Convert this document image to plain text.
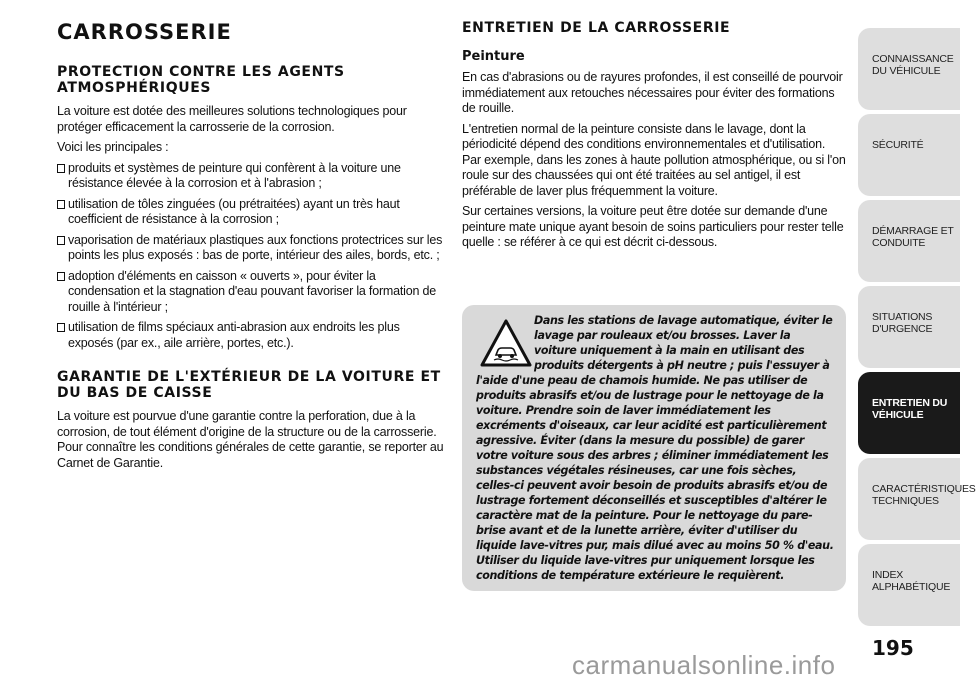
CARROSSERIE
PROTECTION CONTRE LES AGENTS ATMOSPHÉRIQUES
La voiture est dotée des meilleures solutions technologiques pour protéger efficacement la carrosserie de la corrosion.
Voici les principales :
produits et systèmes de peinture qui confèrent à la voiture une résistance élevée à la corrosion et à l'abrasion ;
utilisation de tôles zinguées (ou prétraitées) ayant un très haut coefficient de résistance à la corrosion ;
vaporisation de matériaux plastiques aux fonctions protectrices sur les points les plus exposés : bas de porte, intérieur des ailes, bords, etc. ;
adoption d'éléments en caisson « ouverts », pour éviter la condensation et la stagnation d'eau pouvant favoriser la formation de rouille à l'intérieur ;
utilisation de films spéciaux anti-abrasion aux endroits les plus exposés (par ex., aile arrière, portes, etc.).
GARANTIE DE L'EXTÉRIEUR DE LA VOITURE ET DU BAS DE CAISSE
La voiture est pourvue d'une garantie contre la perforation, due à la corrosion, de tout élément d'origine de la structure ou de la carrosserie. Pour connaître les conditions générales de cette garantie, se reporter au Carnet de Garantie.
ENTRETIEN DE LA CARROSSERIE
Peinture
En cas d'abrasions ou de rayures profondes, il est conseillé de pourvoir immédiatement aux retouches nécessaires pour éviter des formations de rouille.
L'entretien normal de la peinture consiste dans le lavage, dont la périodicité dépend des conditions environnementales et d'utilisation. Par exemple, dans les zones à haute pollution atmosphérique, ou si l'on roule sur des chaussées qui ont été traitées au sel antigel, il est préférable de laver plus fréquemment la voiture.
Sur certaines versions, la voiture peut être dotée sur demande d'une peinture mate unique ayant besoin de soins particuliers pour rester telle quelle : se référer à ce qui est décrit ci-dessous.
Dans les stations de lavage automatique, éviter le lavage par rouleaux et/ou brosses. Laver la voiture uniquement à la main en utilisant des produits détergents à pH neutre ; puis l'essuyer à l'aide d'une peau de chamois humide. Ne pas utiliser de produits abrasifs et/ou de lustrage pour le nettoyage de la voiture. Prendre soin de laver immédiatement les excréments d'oiseaux, car leur acidité est particulièrement agressive. Éviter (dans la mesure du possible) de garer votre voiture sous des arbres ; éliminer immédiatement les substances végétales résineuses, car une fois sèches, celles-ci peuvent avoir besoin de produits abrasifs et/ou de lustrage fortement déconseillés et susceptibles d'altérer le caractère mat de la peinture. Pour le nettoyage du pare-brise avant et de la lunette arrière, éviter d'utiliser du liquide lave-vitres pur, mais dilué avec au moins 50 % d'eau. Utiliser du liquide lave-vitres pur uniquement lorsque les conditions de température extérieure le requièrent.
CONNAISSANCE DU VÉHICULE
SÉCURITÉ
DÉMARRAGE ET CONDUITE
SITUATIONS D'URGENCE
ENTRETIEN DU VÉHICULE
CARACTÉRISTIQUES TECHNIQUES
INDEX ALPHABÉTIQUE
195
carmanualsonline.info
